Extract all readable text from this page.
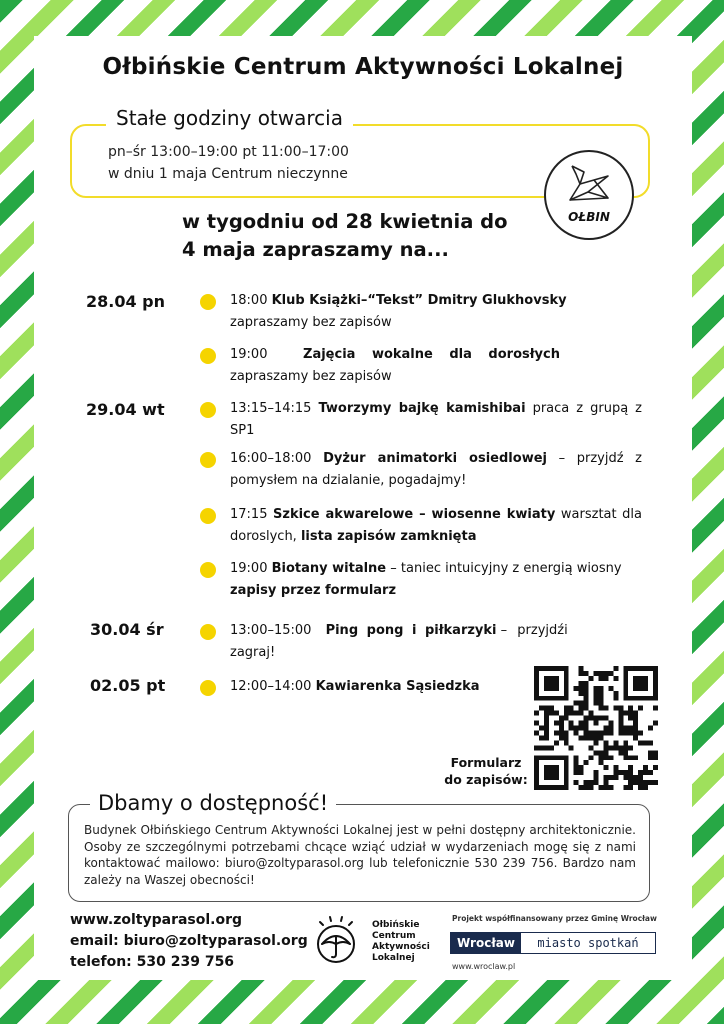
Ołbińskie Centrum Aktywności Lokalnej
Stałe godziny otwarcia
pn–śr 13:00–19:00 pt 11:00–17:00
w dniu 1 maja Centrum nieczynne
OŁBIN
w tygodniu od 28 kwietnia do
4 maja zapraszamy na...
28.04 pn
29.04 wt
30.04 śr
02.05 pt
18:00 Klub Książki–“Tekst” Dmitry Glukhovsky
zapraszamy bez zapisów
19:00	Zajęcia wokalne dla dorosłych
zapraszamy bez zapisów
13:15–14:15 Tworzymy bajkę kamishibai praca z grupą z SP1
16:00–18:00 Dyżur animatorki osiedlowej – przyjdź z pomysłem na dzialanie, pogadajmy!
17:15 Szkice akwarelowe – wiosenne kwiaty warsztat dla doroslych, lista zapisów zamknięta
19:00 Biotany witalne – taniec intuicyjny z energią wiosny
zapisy przez formularz
13:00–15:00 Ping pong i piłkarzyki – przyjdźi zagraj!
12:00–14:00 Kawiarenka Sąsiedzka
Formularz
do zapisów:
Dbamy o dostępność!
Budynek Ołbińskiego Centrum Aktywności Lokalnej jest w pełni dostępny architektonicznie. Osoby ze szczególnymi potrzebami chcące wziąć udział w wydarzeniach mogę się z nami kontaktować mailowo: biuro@zoltyparasol.org lub telefonicznie 530 239 756. Bardzo nam zależy na Waszej obecności!
www.zoltyparasol.org
email: biuro@zoltyparasol.org
telefon: 530 239 756
Ołbińskie
Centrum
Aktywności
Lokalnej
Projekt współfinansowany przez Gminę Wrocław
Wrocław	miasto spotkań
www.wroclaw.pl
